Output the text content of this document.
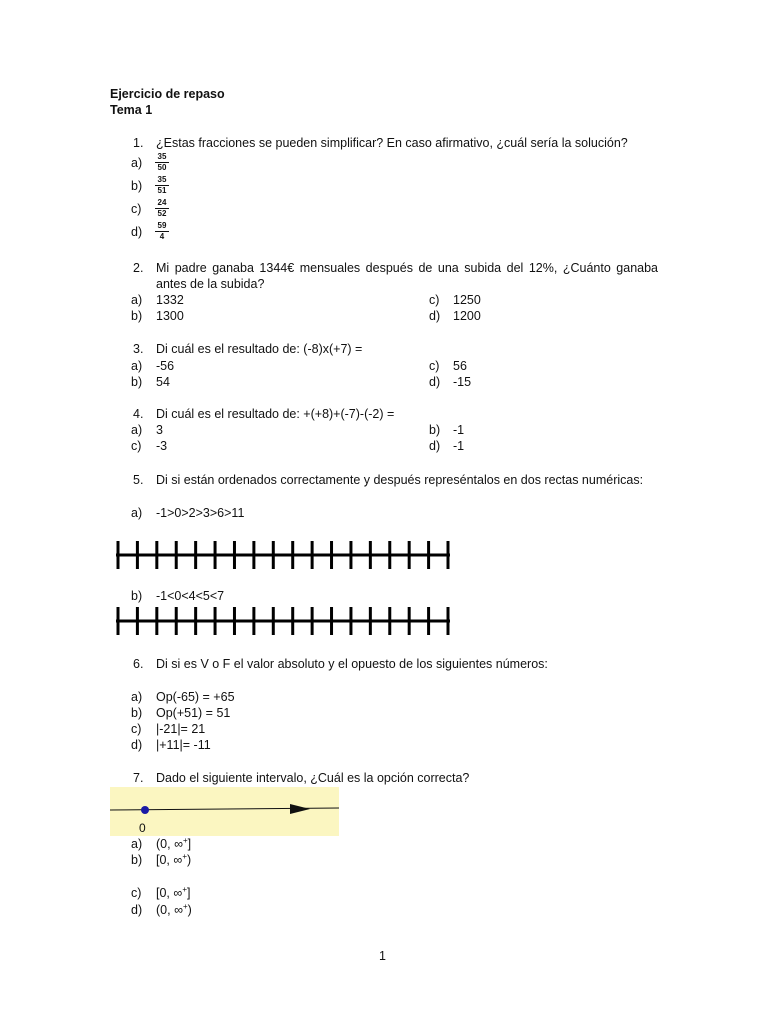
Ejercicio de repaso
Tema 1
1. ¿Estas fracciones se pueden simplificar? En caso afirmativo, ¿cuál sería la solución?
$a) \frac{35}{50}$
$b) \frac{35}{51}$
$c) \frac{24}{52}$
$d) \frac{59}{4}$
2. Mi padre ganaba 1344€ mensuales después de una subida del 12%, ¿Cuánto ganaba
antes de la subida?
a) 1332
b) 1300
c) 1250
d) 1200
3. Di cuál es el resultado de: (-8)x(+7) =
a) -56
b) 54
c) 56
d) -15
4. Di cuál es el resultado de: +(+8)+(-7)-(-2) =
a) 3
c) -3
b) -1
d) -1
5. Di si están ordenados correctamente y después represéntalos en dos rectas numéricas:
a) -1>0>2>3>6>11
b) -1<0<4<5<7
6. Di si es V o F el valor absoluto y el opuesto de los siguientes números:
a) Op(-65) = +65
b) Op(+51) = 51
c) |-21|= 21
d) |+11|= -11
7. Dado el siguiente intervalo, ¿Cuál es la opción correcta?
0
a) (0, ∞+]
b) [0, ∞+)
c) [0, ∞+]
d) (0, ∞+)
1
